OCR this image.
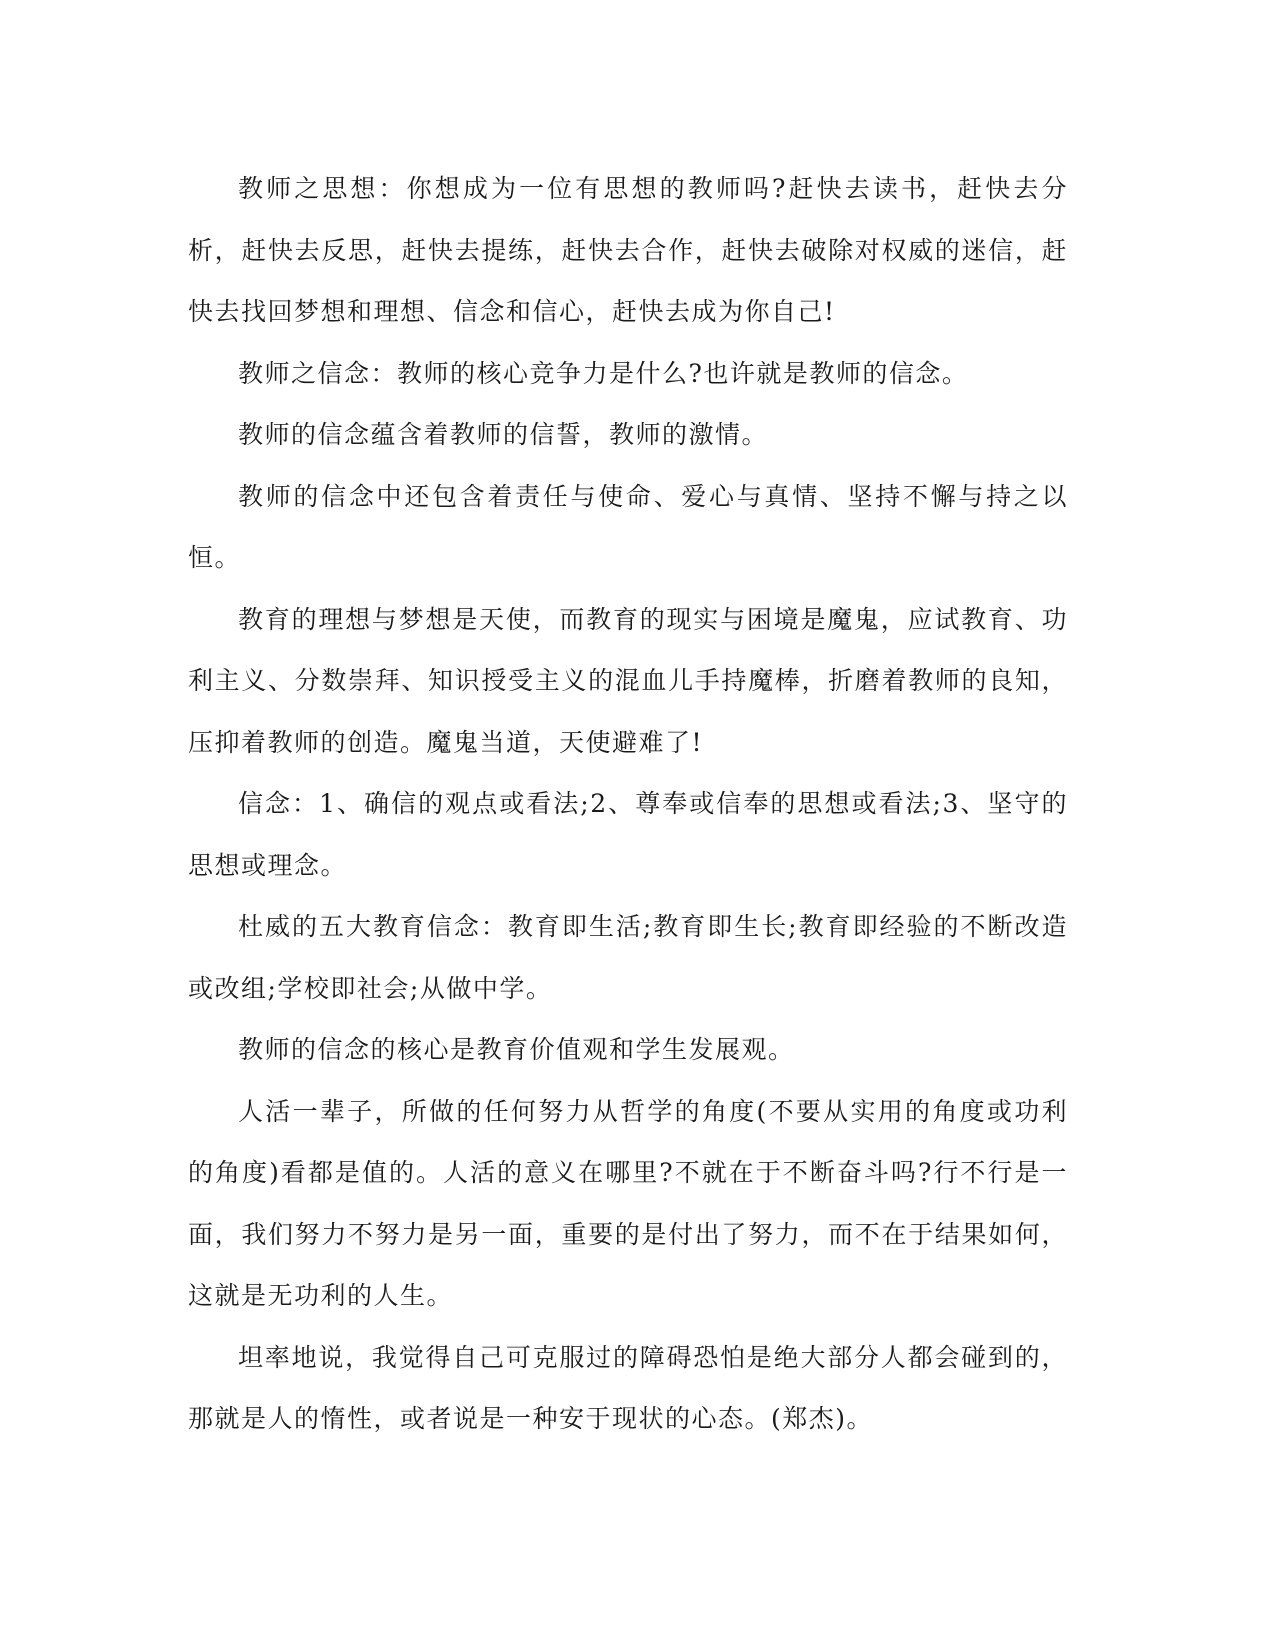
教师之思想：你想成为一位有思想的教师吗?赶快去读书，赶快去分析，赶快去反思，赶快去提练，赶快去合作，赶快去破除对权威的迷信，赶快去找回梦想和理想、信念和信心，赶快去成为你自己!

教师之信念：教师的核心竞争力是什么?也许就是教师的信念。

教师的信念蕴含着教师的信誓，教师的激情。

教师的信念中还包含着责任与使命、爱心与真情、坚持不懈与持之以恒。

教育的理想与梦想是天使，而教育的现实与困境是魔鬼，应试教育、功利主义、分数崇拜、知识授受主义的混血儿手持魔棒，折磨着教师的良知，压抑着教师的创造。魔鬼当道，天使避难了!

信念：1、确信的观点或看法;2、尊奉或信奉的思想或看法;3、坚守的思想或理念。

杜威的五大教育信念：教育即生活;教育即生长;教育即经验的不断改造或改组;学校即社会;从做中学。

教师的信念的核心是教育价值观和学生发展观。

人活一辈子，所做的任何努力从哲学的角度(不要从实用的角度或功利的角度)看都是值的。人活的意义在哪里?不就在于不断奋斗吗?行不行是一面，我们努力不努力是另一面，重要的是付出了努力，而不在于结果如何，这就是无功利的人生。

坦率地说，我觉得自己可克服过的障碍恐怕是绝大部分人都会碰到的，那就是人的惰性，或者说是一种安于现状的心态。(郑杰)。
